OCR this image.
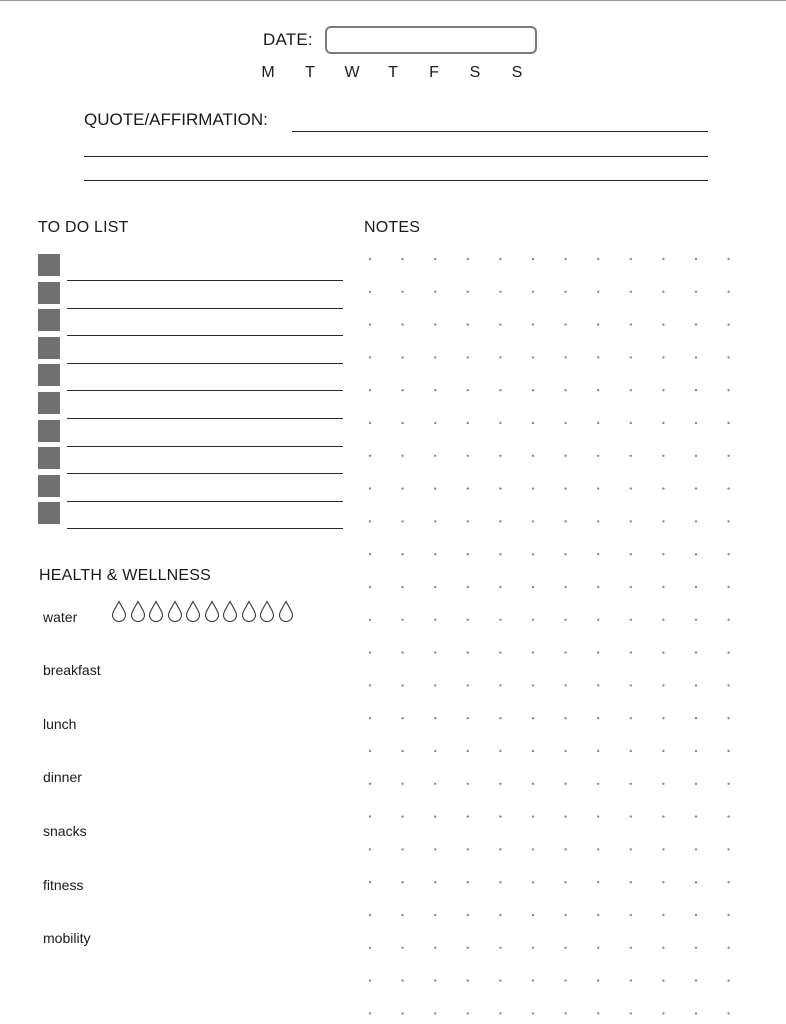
DATE:
M	T	W	T	F	S S
QUOTE/AFFIRMATION:
TO DO LIST	NOTES
HEALTH & WELLNESS
water
breakfast
lunch
dinner
snacks
fitness
mobility
